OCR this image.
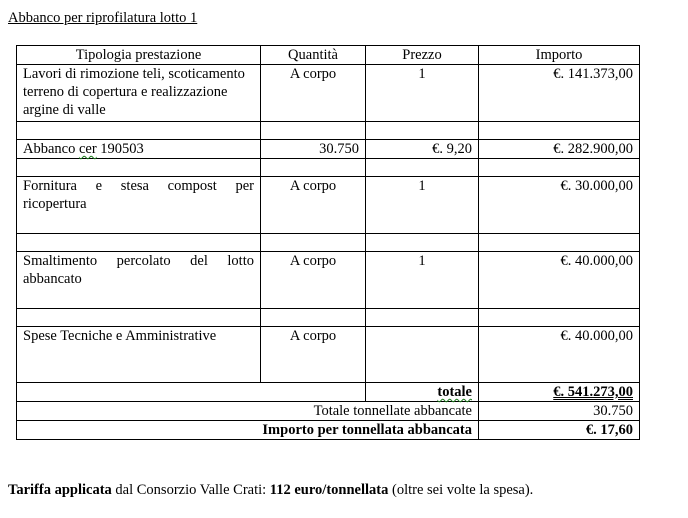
Abbanco per riprofilatura lotto 1
Tipologia prestazione	Quantità	Prezzo	Importo
Lavori di rimozione teli, scoticamento terreno di copertura e realizzazione argine di valle	A corpo	1	€. 141.373,00

Abbanco cer 190503	30.750	€. 9,20	€. 282.900,00

Fornitura e stesa compost per
ricopertura	A corpo	1	€. 30.000,00

Smaltimento percolato del lotto
abbancato	A corpo	1	€. 40.000,00

Spese Tecniche e Amministrative	A corpo		€. 40.000,00
		totale	€. 541.273,00
Totale tonnellate abbancate			30.750
Importo per tonnellata abbancata			€. 17,60
Tariffa applicata dal Consorzio Valle Crati: 112 euro/tonnellata (oltre sei volte la spesa).
